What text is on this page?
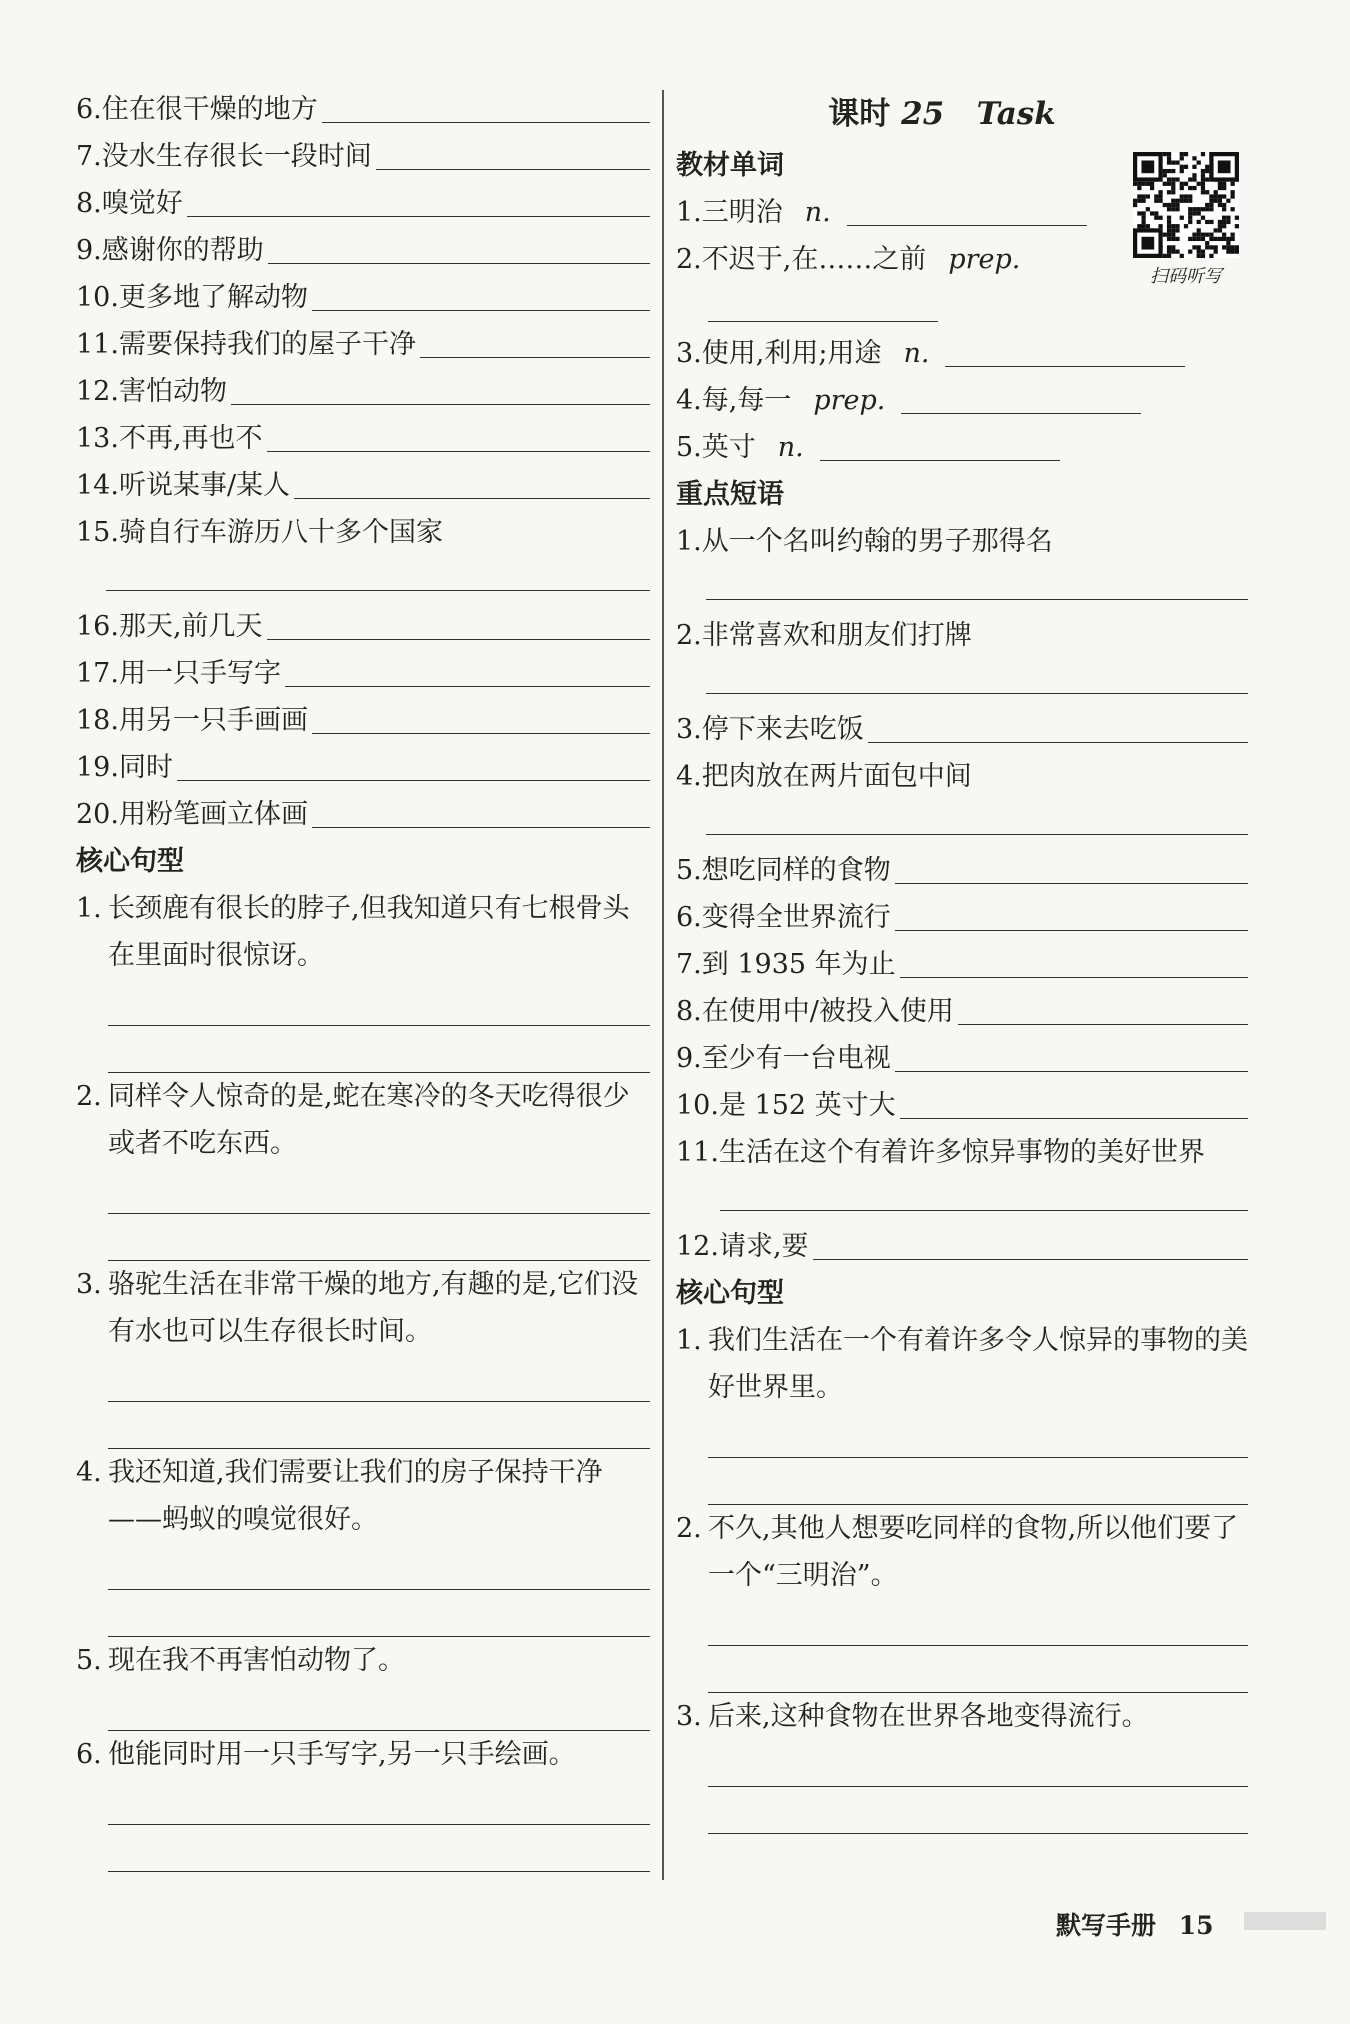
6.住在很干燥的地方
7.没水生存很长一段时间
8.嗅觉好
9.感谢你的帮助
10.更多地了解动物
11.需要保持我们的屋子干净
12.害怕动物
13.不再,再也不
14.听说某事/某人
15.骑自行车游历八十多个国家
16.那天,前几天
17.用一只手写字
18.用另一只手画画
19.同时
20.用粉笔画立体画
核心句型
1. 长颈鹿有很长的脖子,但我知道只有七根骨头在里面时很惊讶。
2. 同样令人惊奇的是,蛇在寒冷的冬天吃得很少或者不吃东西。
3. 骆驼生活在非常干燥的地方,有趣的是,它们没有水也可以生存很长时间。
4. 我还知道,我们需要让我们的房子保持干净——蚂蚁的嗅觉很好。
5. 现在我不再害怕动物了。
6. 他能同时用一只手写字,另一只手绘画。
课时 25 Task
扫码听写
教材单词
1.三明治 n.
2.不迟于,在……之前 prep.
3.使用,利用;用途 n.
4.每,每一 prep.
5.英寸 n.
重点短语
1.从一个名叫约翰的男子那得名
2.非常喜欢和朋友们打牌
3.停下来去吃饭
4.把肉放在两片面包中间
5.想吃同样的食物
6.变得全世界流行
7.到 1935 年为止
8.在使用中/被投入使用
9.至少有一台电视
10.是 152 英寸大
11.生活在这个有着许多惊异事物的美好世界
12.请求,要
核心句型
1. 我们生活在一个有着许多令人惊异的事物的美好世界里。
2. 不久,其他人想要吃同样的食物,所以他们要了一个“三明治”。
3. 后来,这种食物在世界各地变得流行。
默写手册 15
